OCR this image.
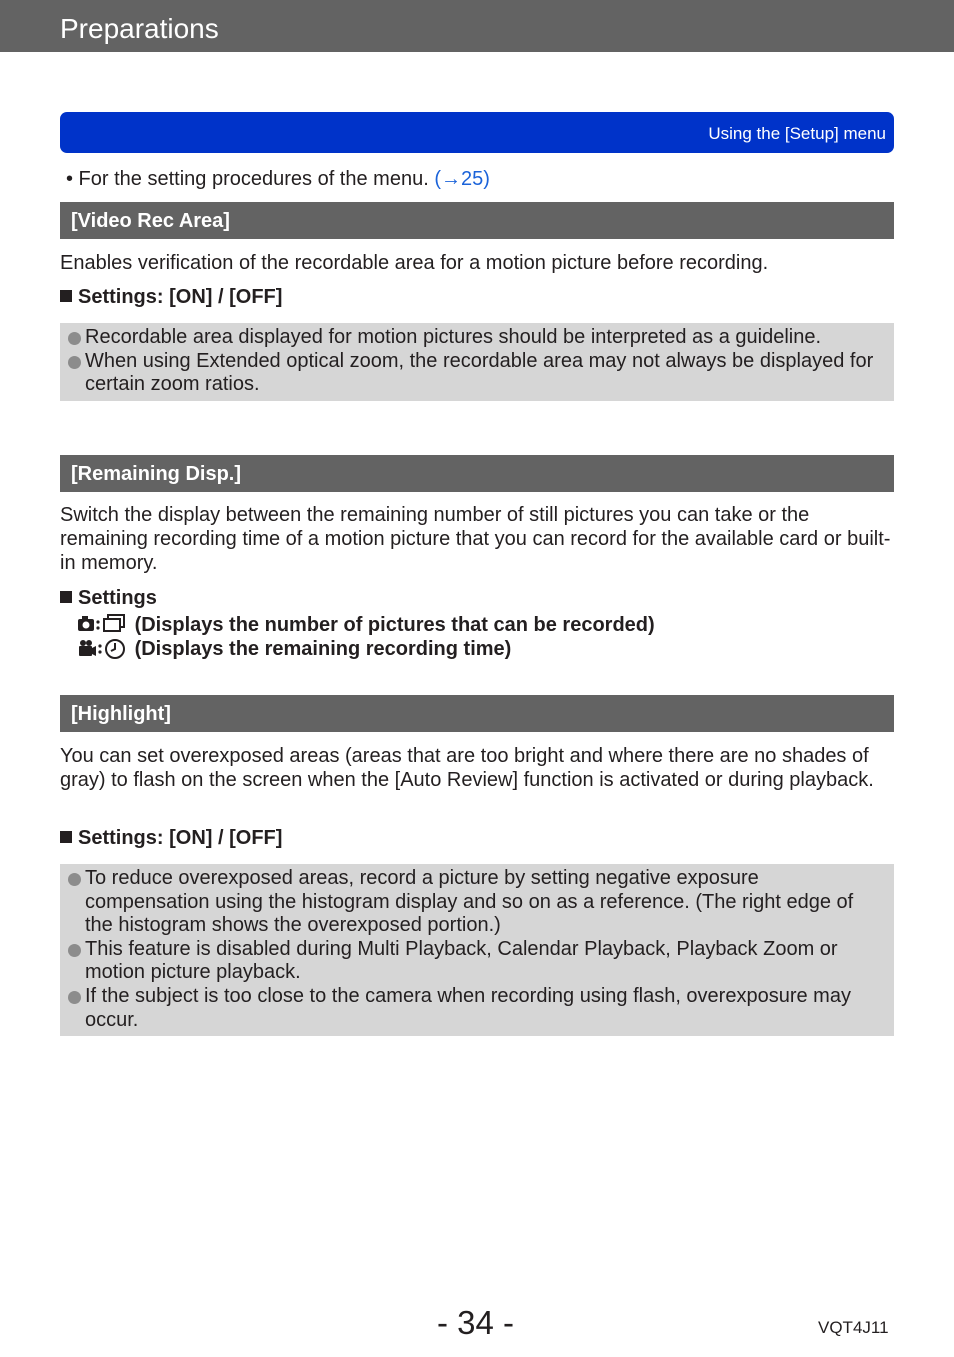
Preparations
Using the [Setup] menu
• For the setting procedures of the menu. (→25)
[Video Rec Area]
Enables verification of the recordable area for a motion picture before recording.
Settings: [ON] / [OFF]
Recordable area displayed for motion pictures should be interpreted as a guideline.
When using Extended optical zoom, the recordable area may not always be displayed for certain zoom ratios.
[Remaining Disp.]
Switch the display between the remaining number of still pictures you can take or the remaining recording time of a motion picture that you can record for the available card or built-in memory.
Settings
(Displays the number of pictures that can be recorded)
(Displays the remaining recording time)
[Highlight]
You can set overexposed areas (areas that are too bright and where there are no shades of gray) to flash on the screen when the [Auto Review] function is activated or during playback.
Settings: [ON] / [OFF]
To reduce overexposed areas, record a picture by setting negative exposure compensation using the histogram display and so on as a reference. (The right edge of the histogram shows the overexposed portion.)
This feature is disabled during Multi Playback, Calendar Playback, Playback Zoom or motion picture playback.
If the subject is too close to the camera when recording using flash, overexposure may occur.
- 34 -	VQT4J11
